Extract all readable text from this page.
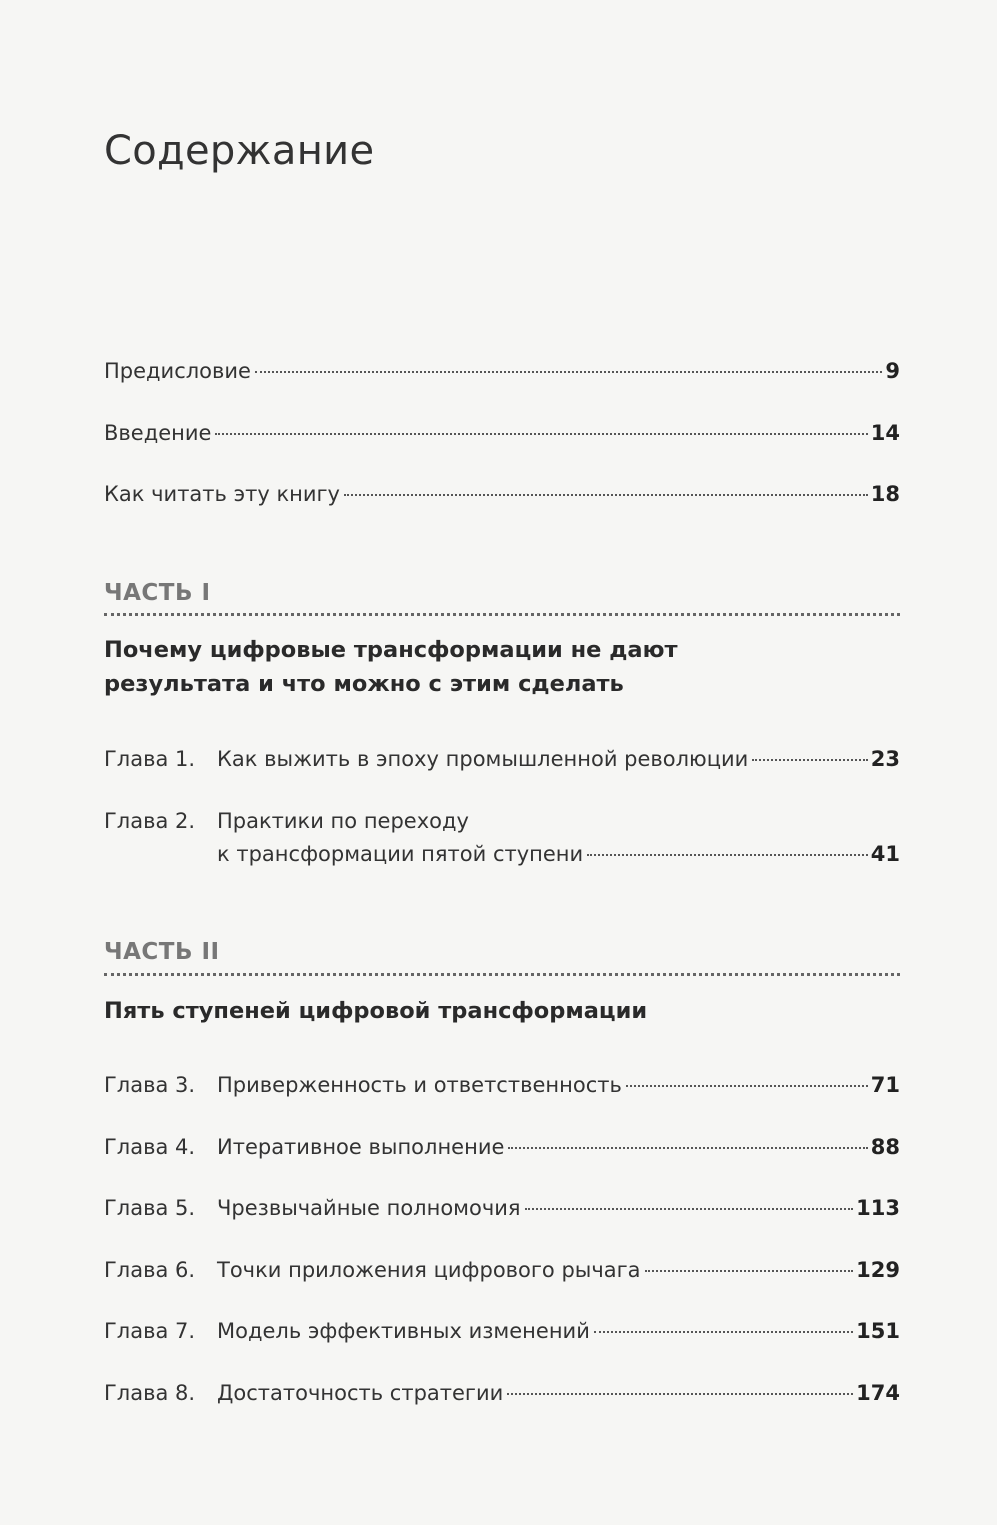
Содержание
Предисловие	9
Введение	14
Как читать эту книгу	18
ЧАСТЬ I
Почему цифровые трансформации не дают
результата и что можно с этим сделать
Глава 1.	Как выжить в эпоху промышленной революции	23
Глава 2. Практики по переходу
к трансформации пятой ступени	41
ЧАСТЬ II
Пять ступеней цифровой трансформации
Глава 3.	Приверженность и ответственность	71
Глава 4.	Итеративное выполнение	88
Глава 5.	Чрезвычайные полномочия	113
Глава 6.	Точки приложения цифрового рычага	129
Глава 7.	Модель эффективных изменений	151
Глава 8.	Достаточность стратегии	174
